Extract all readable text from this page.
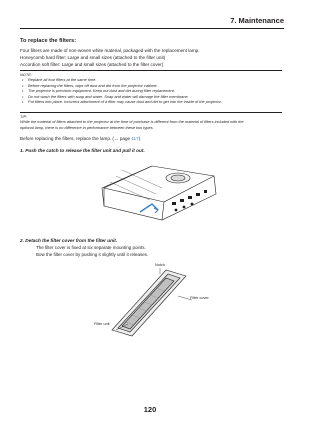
7. Maintenance
To replace the filters:
Four filters are made of non-woven white material, packaged with the replacement lamp.
Honeycomb hard filter: Large and small sizes (attached to the filter unit)
Accordion soft filter: Large and small sizes (attached to the filter cover)
NOTE:
• Replace all four filters at the same time.
• Before replacing the filters, wipe off dust and dirt from the projector cabinet.
• The projector is precision equipment. Keep out dust and dirt during filter replacement.
• Do not wash the filters with soap and water. Soap and water will damage the filter membrane.
• Put filters into place. Incorrect attachment of a filter may cause dust and dirt to get into the inside of the projector.
TIP:
While the material of filters attached to the projector at the time of purchase is different from the material of filters included with the
optional lamp, there is no difference in performance between these two types.
Before replacing the filters, replace the lamp. (→ page 117)
1. Push the catch to release the filter unit and pull it out.
2. Detach the filter cover from the filter unit.
The filter cover is fixed at six separate mounting points.
Bow the filter cover by pushing it slightly until it releases.
Notch
Filter cover
Filter unit
120
